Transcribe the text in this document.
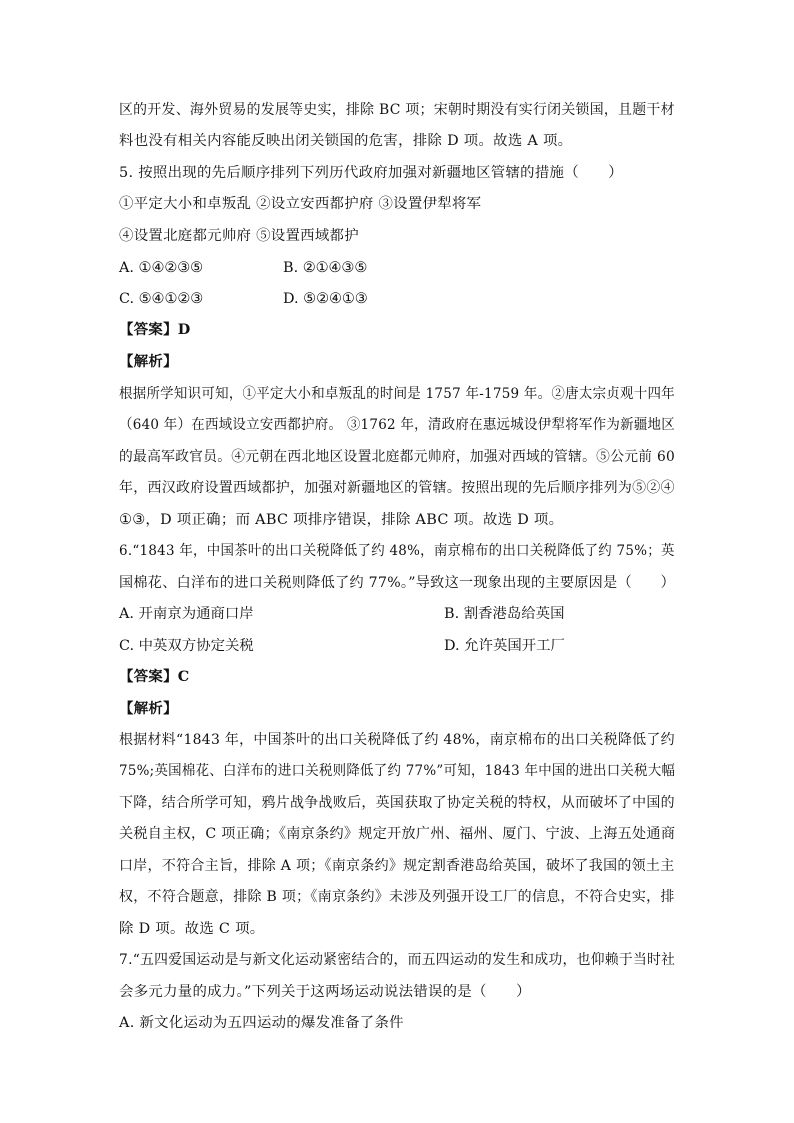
区的开发、海外贸易的发展等史实，排除 BC 项；宋朝时期没有实行闭关锁国，且题干材
料也没有相关内容能反映出闭关锁国的危害，排除 D 项。故选 A 项。
5. 按照出现的先后顺序排列下列历代政府加强对新疆地区管辖的措施（　　）
①平定大小和卓叛乱 ②设立安西都护府 ③设置伊犁将军
④设置北庭都元帅府 ⑤设置西域都护
A. ①④②③⑤	B. ②①④③⑤
C. ⑤④①②③	D. ⑤②④①③
【答案】D
【解析】
根据所学知识可知，①平定大小和卓叛乱的时间是 1757 年-1759 年。②唐太宗贞观十四年
（640 年）在西域设立安西都护府。 ③1762 年，清政府在惠远城设伊犁将军作为新疆地区
的最高军政官员。④元朝在西北地区设置北庭都元帅府，加强对西域的管辖。⑤公元前 60
年，西汉政府设置西域都护，加强对新疆地区的管辖。按照出现的先后顺序排列为⑤②④
①③，D 项正确；而 ABC 项排序错误，排除 ABC 项。故选 D 项。
6.“1843 年，中国茶叶的出口关税降低了约 48%，南京棉布的出口关税降低了约 75%；英
国棉花、白洋布的进口关税则降低了约 77%。”导致这一现象出现的主要原因是（　　）
A. 开南京为通商口岸	B. 割香港岛给英国
C. 中英双方协定关税	D. 允许英国开工厂
【答案】C
【解析】
根据材料“1843 年，中国茶叶的出口关税降低了约 48%，南京棉布的出口关税降低了约
75%;英国棉花、白洋布的进口关税则降低了约 77%”可知，1843 年中国的进出口关税大幅
下降，结合所学可知，鸦片战争战败后，英国获取了协定关税的特权，从而破坏了中国的
关税自主权，C 项正确；《南京条约》规定开放广州、福州、厦门、宁波、上海五处通商
口岸，不符合主旨，排除 A 项；《南京条约》规定割香港岛给英国，破坏了我国的领土主
权，不符合题意，排除 B 项；《南京条约》未涉及列强开设工厂的信息，不符合史实，排
除 D 项。故选 C 项。
7.“五四爱国运动是与新文化运动紧密结合的，而五四运动的发生和成功，也仰赖于当时社
会多元力量的成力。”下列关于这两场运动说法错误的是（　　）
A. 新文化运动为五四运动的爆发准备了条件
